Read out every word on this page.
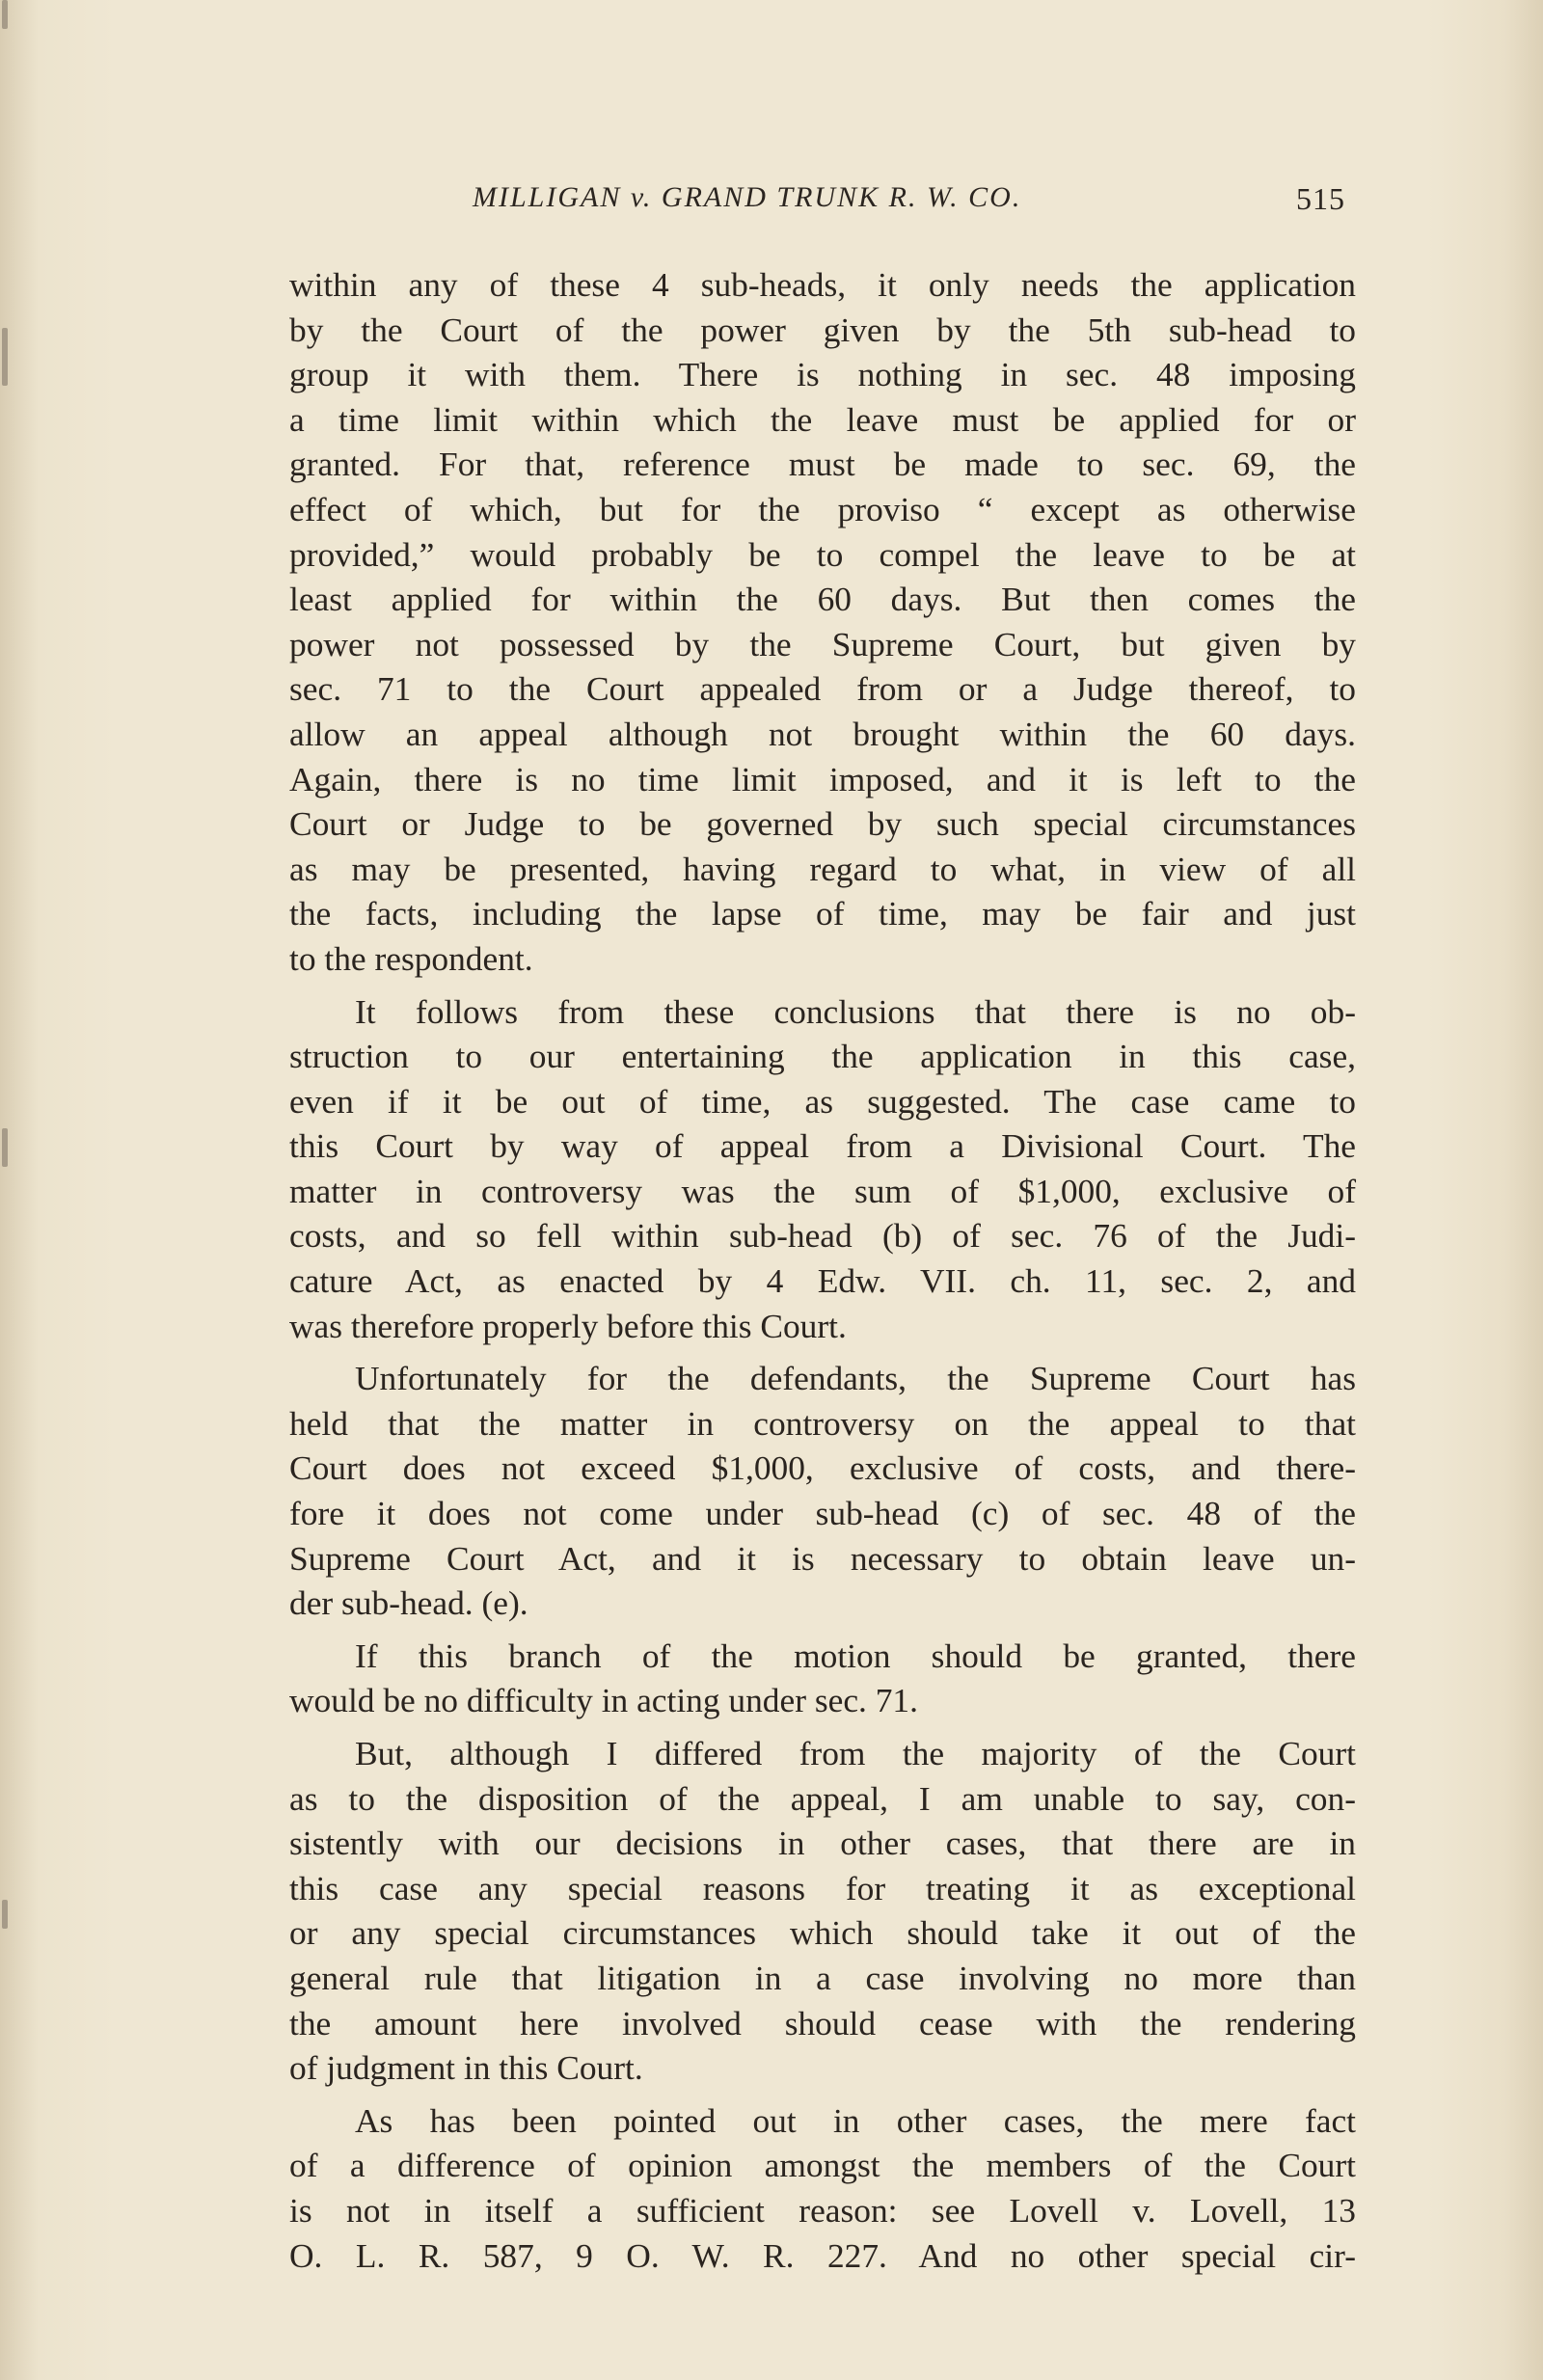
MILLIGAN v. GRAND TRUNK R. W. CO.	515
within any of these 4 sub-heads, it only needs the application
by the Court of the power given by the 5th sub-head to
group it with them. There is nothing in sec. 48 imposing
a time limit within which the leave must be applied for or
granted. For that, reference must be made to sec. 69, the
effect of which, but for the proviso “ except as otherwise
provided,” would probably be to compel the leave to be at
least applied for within the 60 days. But then comes the
power not possessed by the Supreme Court, but given by
sec. 71 to the Court appealed from or a Judge thereof, to
allow an appeal although not brought within the 60 days.
Again, there is no time limit imposed, and it is left to the
Court or Judge to be governed by such special circumstances
as may be presented, having regard to what, in view of all
the facts, including the lapse of time, may be fair and just
to the respondent.
It follows from these conclusions that there is no ob-
struction to our entertaining the application in this case,
even if it be out of time, as suggested. The case came to
this Court by way of appeal from a Divisional Court. The
matter in controversy was the sum of $1,000, exclusive of
costs, and so fell within sub-head (b) of sec. 76 of the Judi-
cature Act, as enacted by 4 Edw. VII. ch. 11, sec. 2, and
was therefore properly before this Court.
Unfortunately for the defendants, the Supreme Court has
held that the matter in controversy on the appeal to that
Court does not exceed $1,000, exclusive of costs, and there-
fore it does not come under sub-head (c) of sec. 48 of the
Supreme Court Act, and it is necessary to obtain leave un-
der sub-head. (e).
If this branch of the motion should be granted, there
would be no difficulty in acting under sec. 71.
But, although I differed from the majority of the Court
as to the disposition of the appeal, I am unable to say, con-
sistently with our decisions in other cases, that there are in
this case any special reasons for treating it as exceptional
or any special circumstances which should take it out of the
general rule that litigation in a case involving no more than
the amount here involved should cease with the rendering
of judgment in this Court.
As has been pointed out in other cases, the mere fact
of a difference of opinion amongst the members of the Court
is not in itself a sufficient reason: see Lovell v. Lovell, 13
O. L. R. 587, 9 O. W. R. 227. And no other special cir-
